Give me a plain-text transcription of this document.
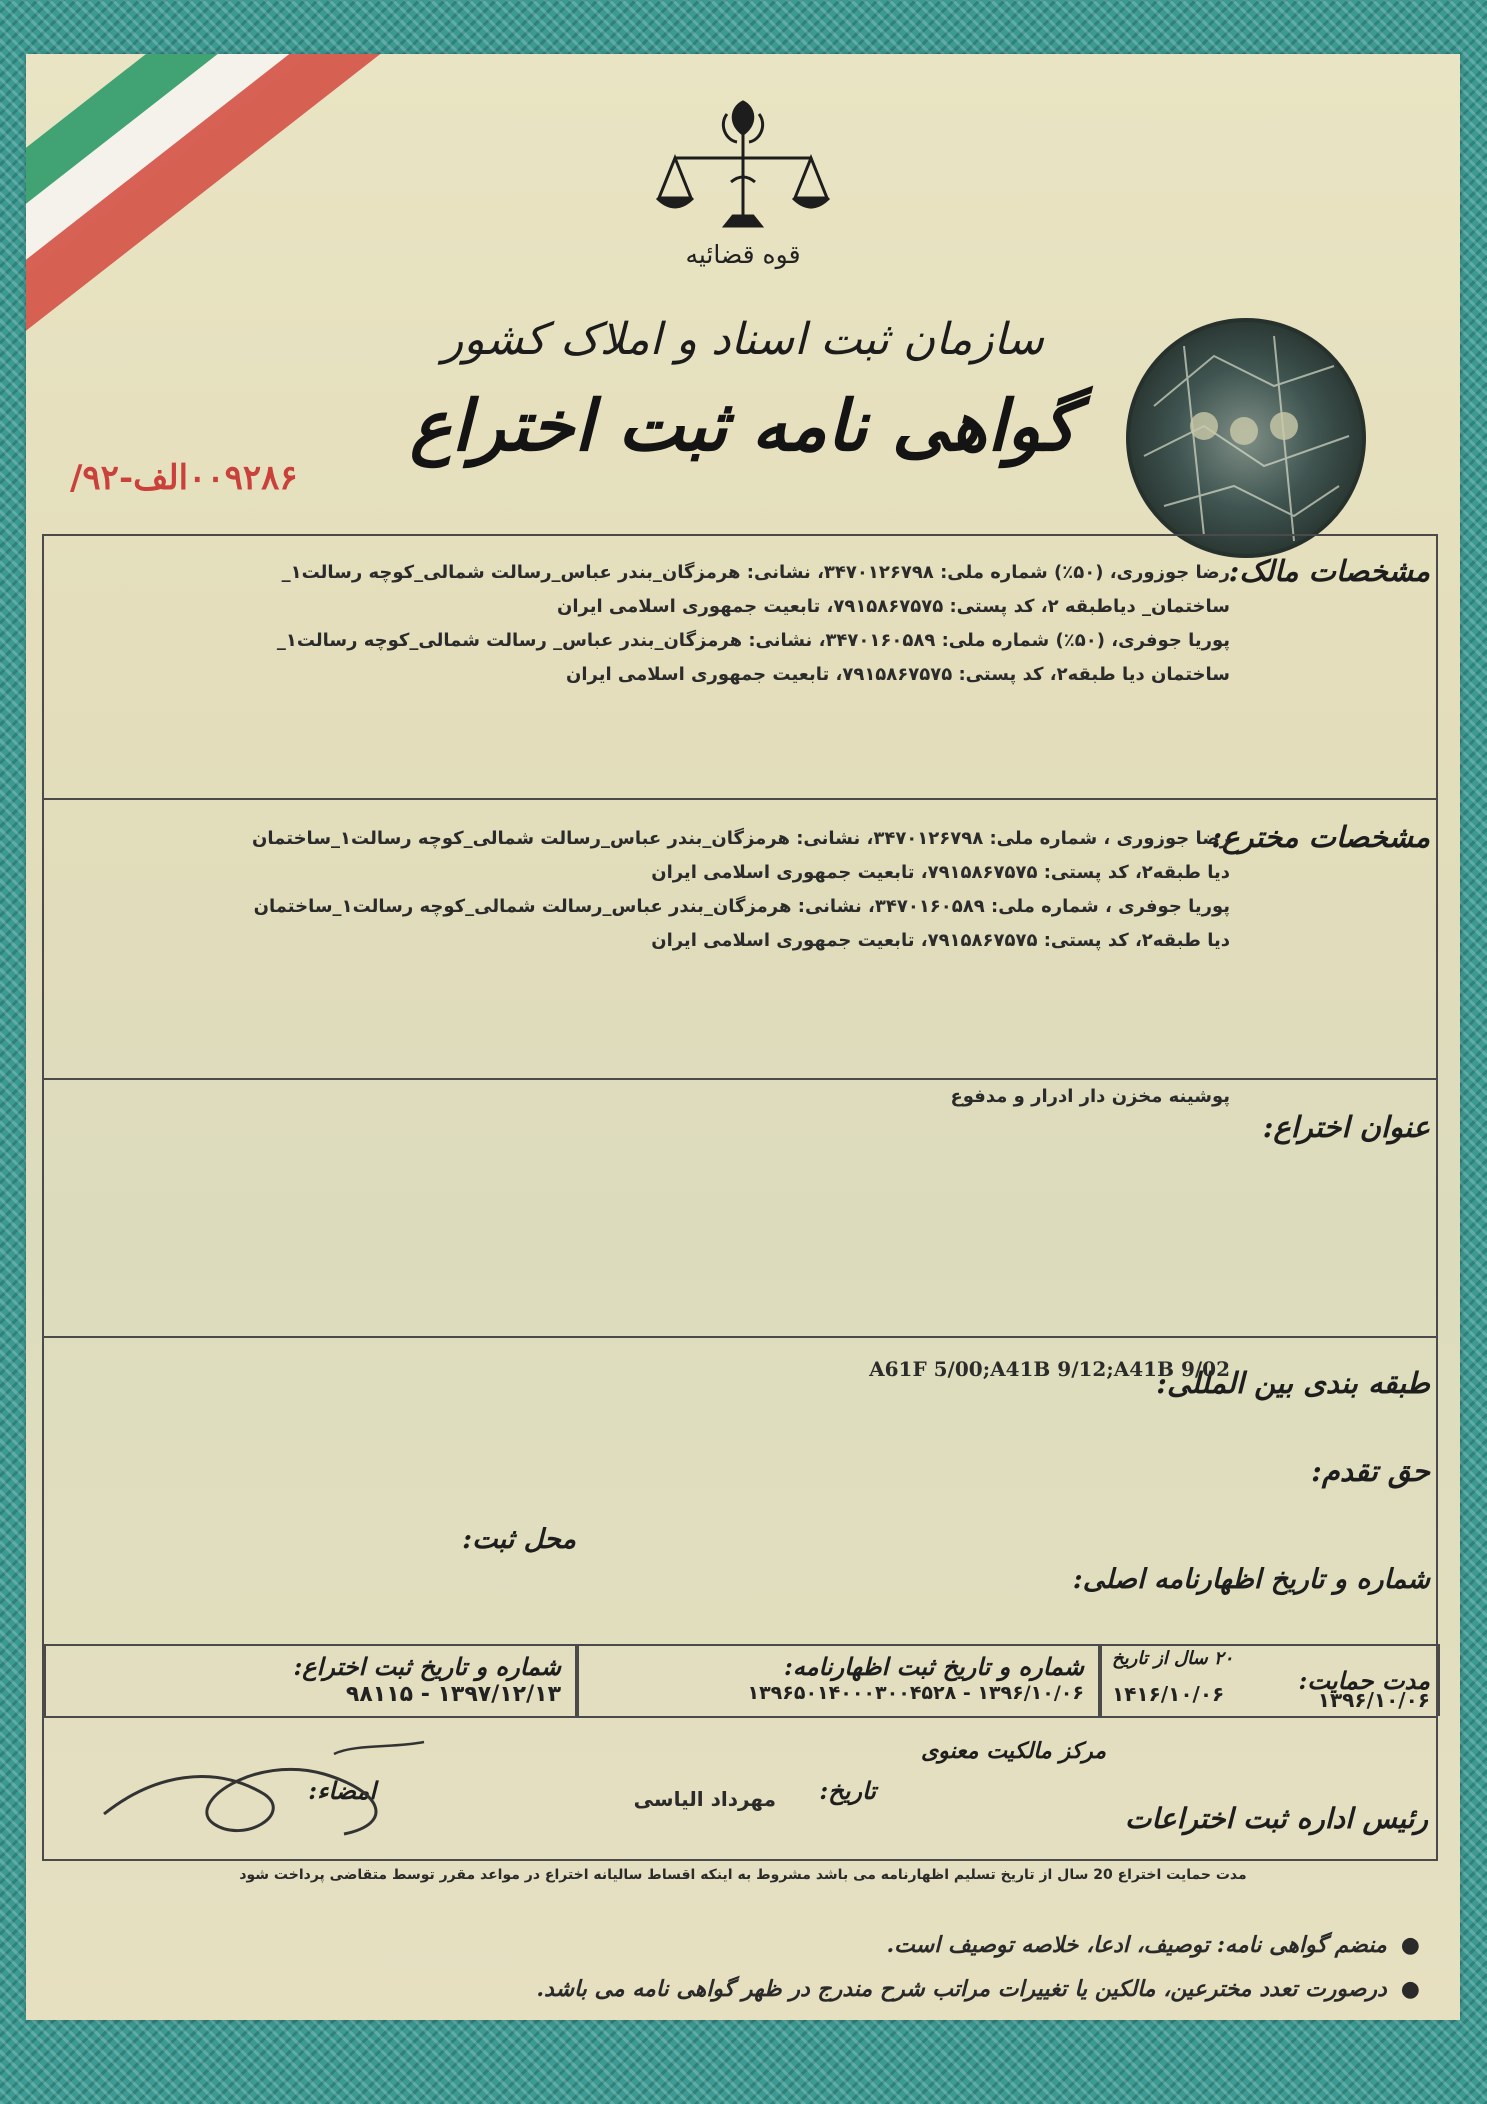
قوه قضائیه
سازمان ثبت اسناد و املاک کشور
گواهی نامه ثبت اختراع
۰۰۹۲۸۶الف-۹۲/
مشخصات مالک:
رضا جوزوری، (۵۰٪) شماره ملی: ۳۴۷۰۱۲۶۷۹۸، نشانی: هرمزگان_بندر عباس_رسالت شمالی_کوچه رسالت۱_
ساختمان_ دیاطبقه ۲، کد پستی: ۷۹۱۵۸۶۷۵۷۵، تابعیت جمهوری اسلامی ایران
پوریا جوفری، (۵۰٪) شماره ملی: ۳۴۷۰۱۶۰۵۸۹، نشانی: هرمزگان_بندر عباس_ رسالت شمالی_کوچه رسالت۱_
ساختمان دیا طبقه۲، کد پستی: ۷۹۱۵۸۶۷۵۷۵، تابعیت جمهوری اسلامی ایران
مشخصات مخترع:
رضا جوزوری ، شماره ملی: ۳۴۷۰۱۲۶۷۹۸، نشانی: هرمزگان_بندر عباس_رسالت شمالی_کوچه رسالت۱_ساختمان
دیا طبقه۲، کد پستی: ۷۹۱۵۸۶۷۵۷۵، تابعیت جمهوری اسلامی ایران
پوریا جوفری ، شماره ملی: ۳۴۷۰۱۶۰۵۸۹، نشانی: هرمزگان_بندر عباس_رسالت شمالی_کوچه رسالت۱_ساختمان
دیا طبقه۲، کد پستی: ۷۹۱۵۸۶۷۵۷۵، تابعیت جمهوری اسلامی ایران
عنوان اختراع:
پوشینه مخزن دار ادرار و مدفوع
طبقه بندی بین المللی:
A61F 5/00;A41B 9/12;A41B 9/02
حق تقدم:
شماره و تاریخ اظهارنامه اصلی:
محل ثبت:
شماره و تاریخ ثبت اختراع:
۱۳۹۷/۱۲/۱۳ - ۹۸۱۱۵
شماره و تاریخ ثبت اظهارنامه:
۱۳۹۶/۱۰/۰۶ - ۱۳۹۶۵۰۱۴۰۰۰۳۰۰۴۵۲۸	مدت حمایت:
۱۳۹۶/۱۰/۰۶
۲۰ سال از تاریخ
۱۴۱۶/۱۰/۰۶
مرکز مالکیت معنوی
رئیس اداره ثبت اختراعات
مهرداد الیاسی تاریخ:
امضاء:
مدت حمایت اختراع 20 سال از تاریخ تسلیم اظهارنامه می باشد مشروط به اینکه اقساط سالیانه اختراع در مواعد مقرر توسط متقاضی پرداخت شود
● منضم گواهی نامه: توصیف، ادعا، خلاصه توصیف است.
● درصورت تعدد مخترعین، مالکین یا تغییرات مراتب شرح مندرج در ظهر گواهی نامه می باشد.
